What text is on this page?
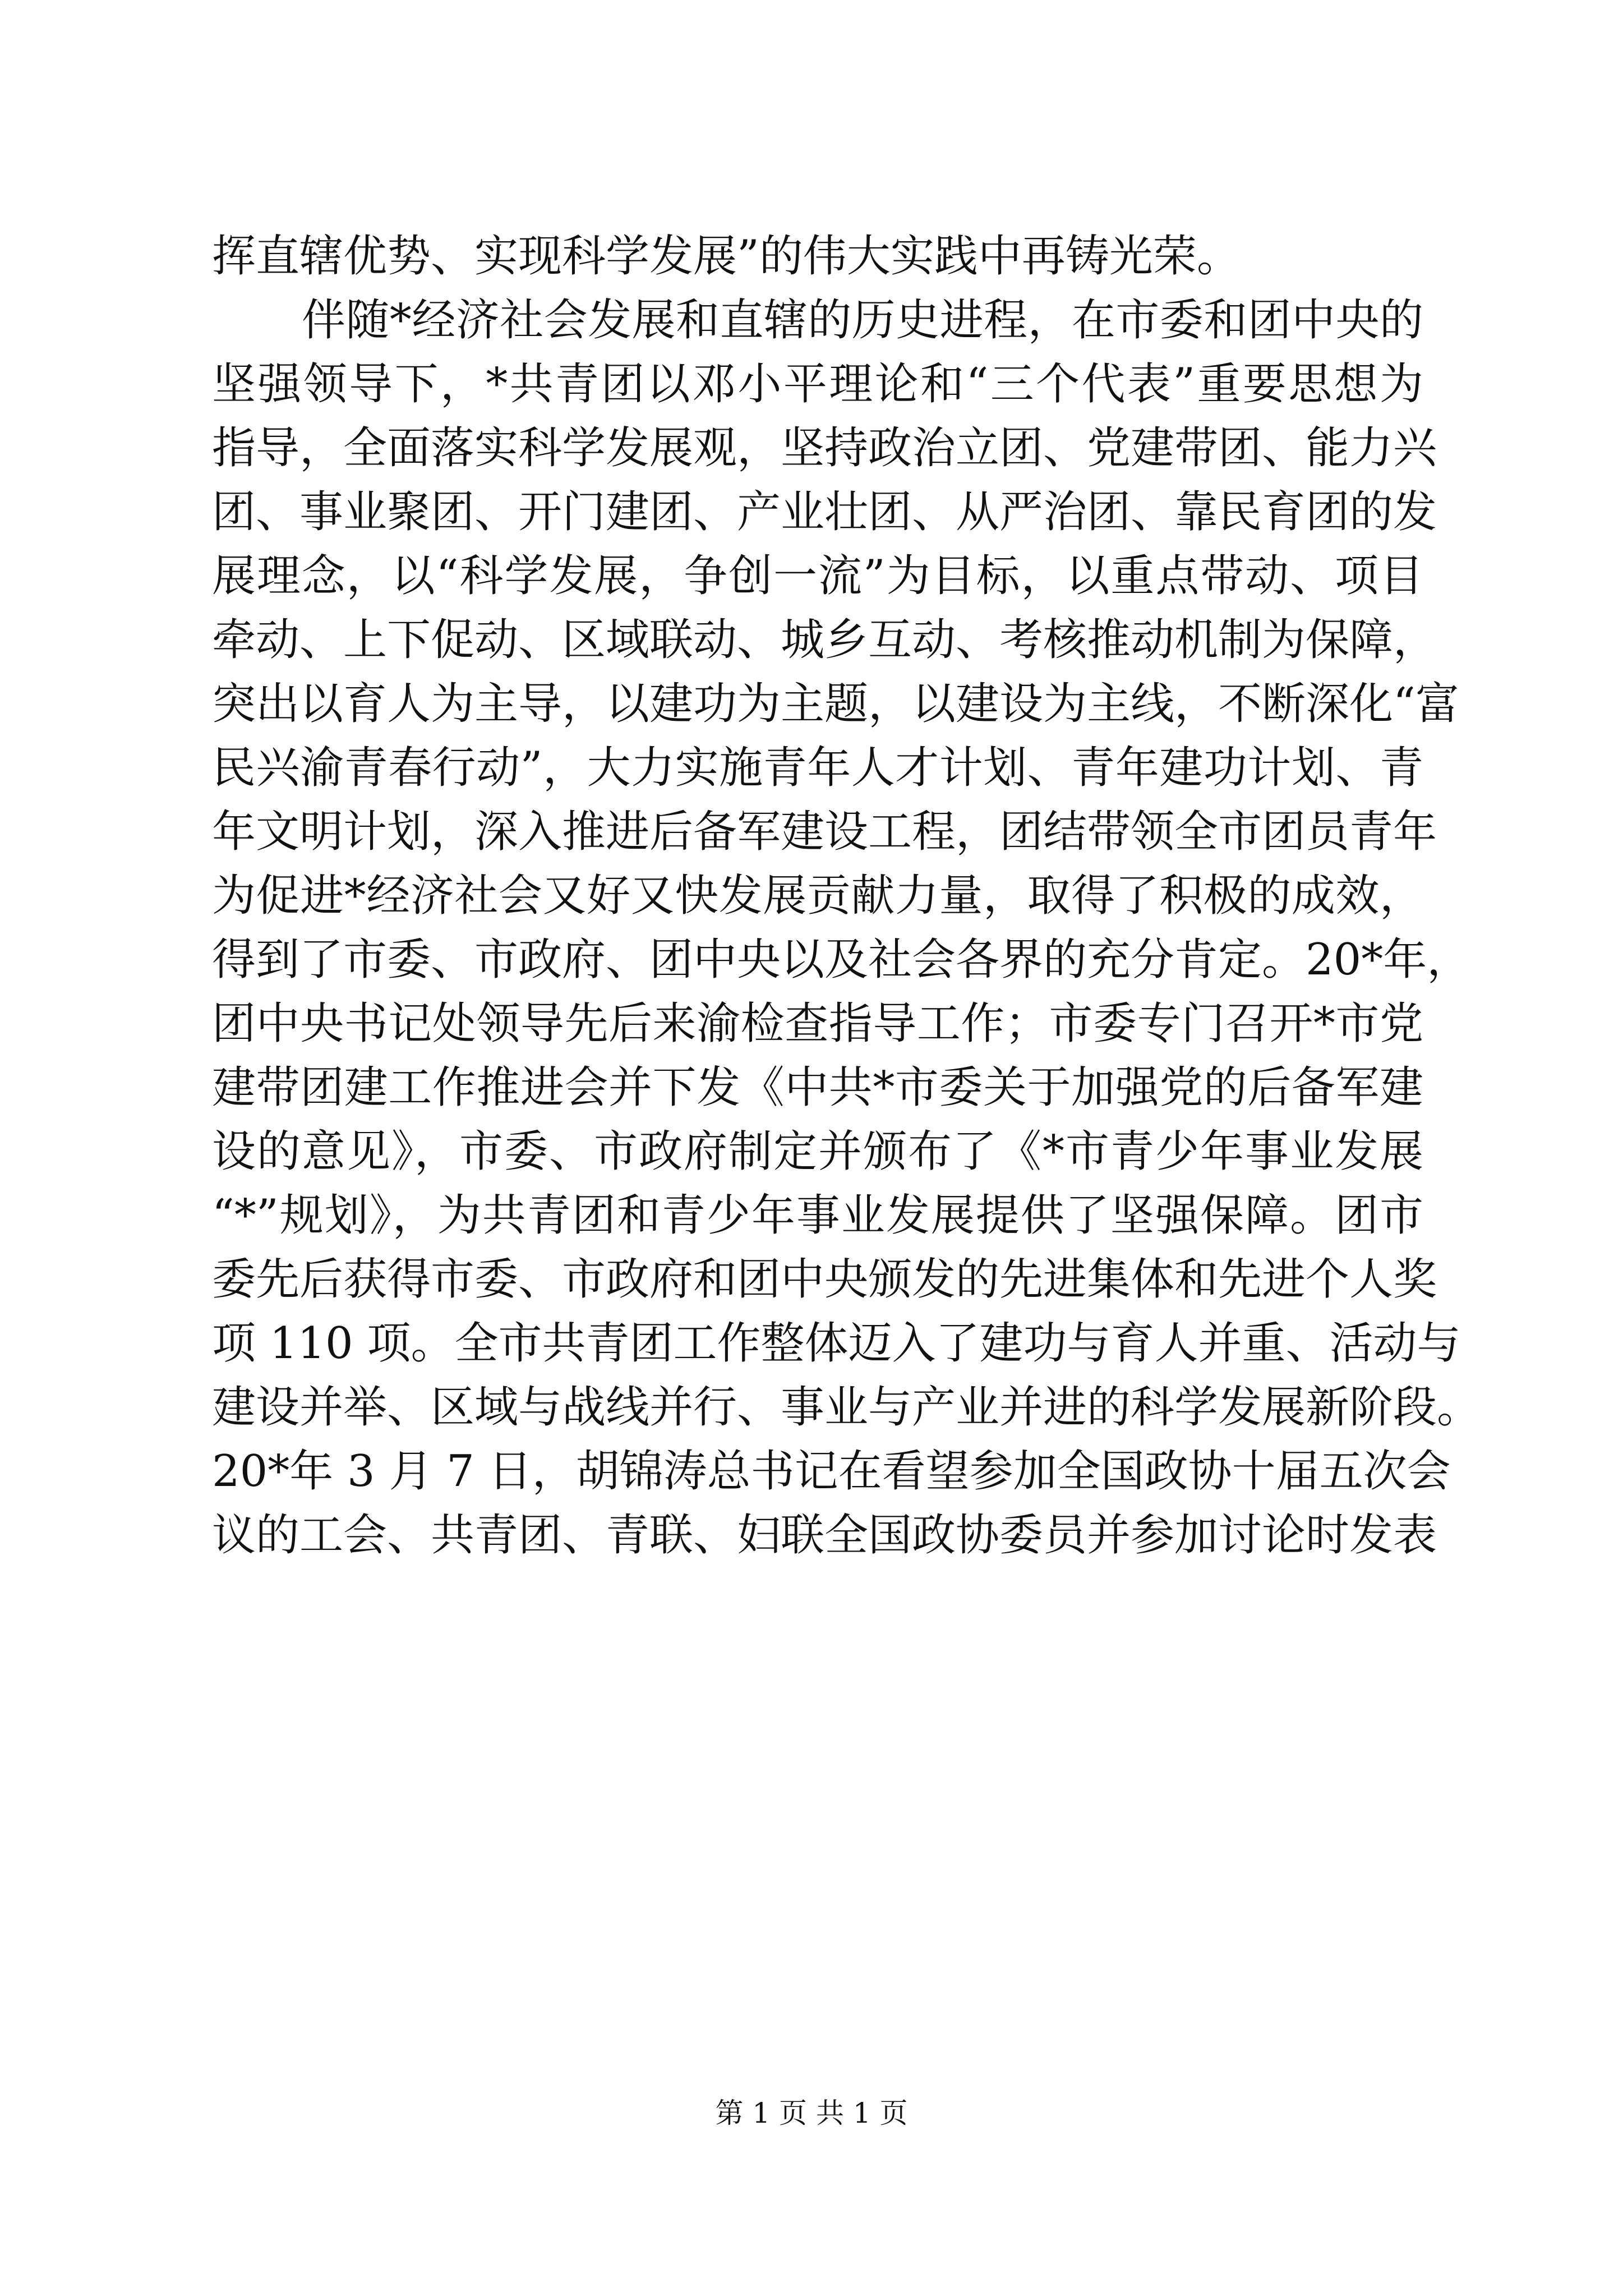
挥直辖优势、实现科学发展”的伟大实践中再铸光荣。
伴随*经济社会发展和直辖的历史进程，在市委和团中央的
坚强领导下，*共青团以邓小平理论和“三个代表”重要思想为
指导，全面落实科学发展观，坚持政治立团、党建带团、能力兴
团、事业聚团、开门建团、产业壮团、从严治团、靠民育团的发
展理念，以“科学发展，争创一流”为目标，以重点带动、项目
牵动、上下促动、区域联动、城乡互动、考核推动机制为保障，
突出以育人为主导，以建功为主题，以建设为主线，不断深化“富
民兴渝青春行动”，大力实施青年人才计划、青年建功计划、青
年文明计划，深入推进后备军建设工程，团结带领全市团员青年
为促进*经济社会又好又快发展贡献力量，取得了积极的成效，
得到了市委、市政府、团中央以及社会各界的充分肯定。20*年，
团中央书记处领导先后来渝检查指导工作；市委专门召开*市党
建带团建工作推进会并下发《中共*市委关于加强党的后备军建
设的意见》，市委、市政府制定并颁布了《*市青少年事业发展
“*”规划》，为共青团和青少年事业发展提供了坚强保障。团市
委先后获得市委、市政府和团中央颁发的先进集体和先进个人奖
项 110 项。全市共青团工作整体迈入了建功与育人并重、活动与
建设并举、区域与战线并行、事业与产业并进的科学发展新阶段。
20*年 3 月 7 日，胡锦涛总书记在看望参加全国政协十届五次会
议的工会、共青团、青联、妇联全国政协委员并参加讨论时发表
第 1 页 共 1 页
